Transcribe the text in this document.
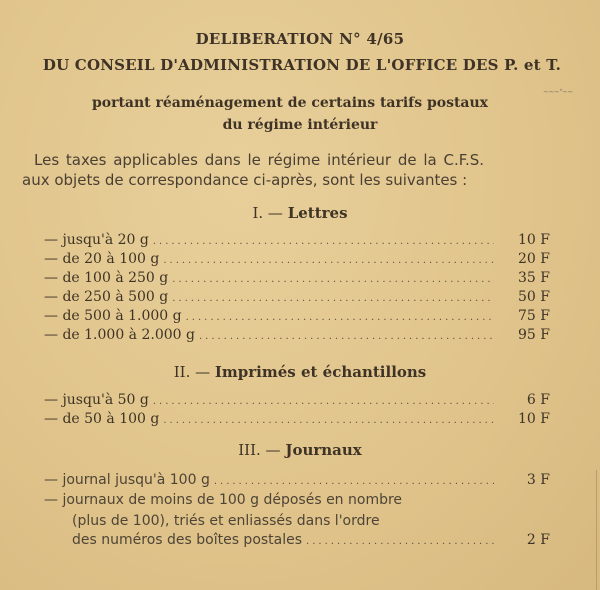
DELIBERATION N° 4/65
DU CONSEIL D'ADMINISTRATION DE L'OFFICE DES P. et T.
~~~"~~
portant réaménagement de certains tarifs postaux
du régime intérieur
Les taxes applicables dans le régime intérieur de la C.F.S.
aux objets de correspondance ci-après, sont les suivantes :
I. — Lettres
— jusqu'à 20 g .....	10 F
— de 20 à 100 g .....	20 F
— de 100 à 250 g .....	35 F
— de 250 à 500 g .....	50 F
— de 500 à 1.000 g .....	75 F
— de 1.000 à 2.000 g .....	95 F
II. — Imprimés et échantillons
— jusqu'à 50 g .....	6 F
— de 50 à 100 g .....	10 F
III. — Journaux
— journal jusqu'à 100 g .....	3 F
— journaux de moins de 100 g déposés en nombre
(plus de 100), triés et enliassés dans l'ordre
des numéros des boîtes postales .....	2 F
